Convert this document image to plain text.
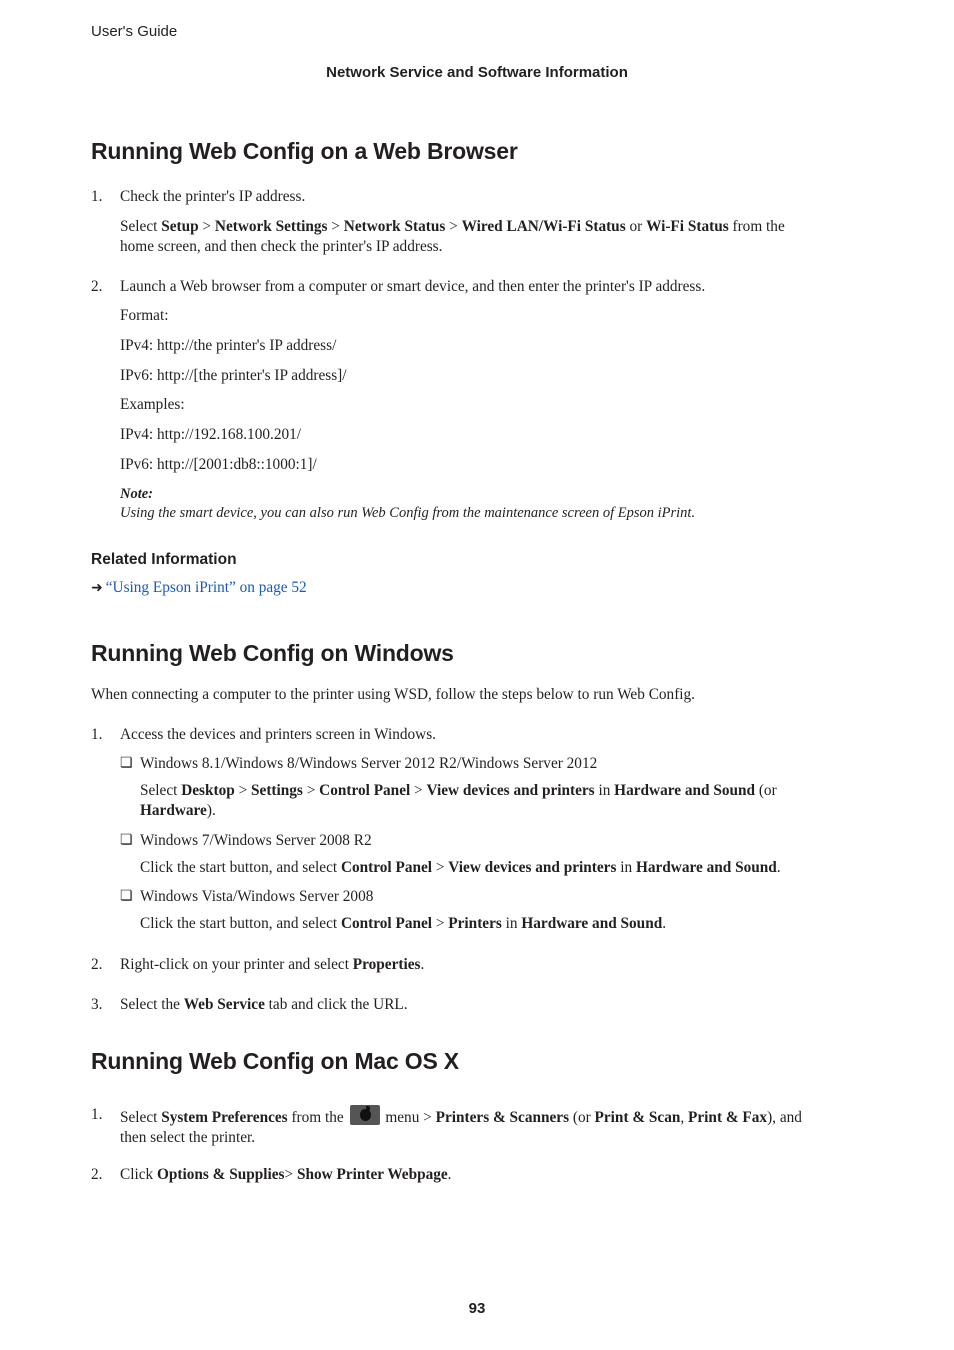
User's Guide
Network Service and Software Information
Running Web Config on a Web Browser
1. Check the printer's IP address.
Select Setup > Network Settings > Network Status > Wired LAN/Wi-Fi Status or Wi-Fi Status from the
home screen, and then check the printer's IP address.
2. Launch a Web browser from a computer or smart device, and then enter the printer's IP address.
Format:
IPv4: http://the printer's IP address/
IPv6: http://[the printer's IP address]/
Examples:
IPv4: http://192.168.100.201/
IPv6: http://[2001:db8::1000:1]/
Note:
Using the smart device, you can also run Web Config from the maintenance screen of Epson iPrint.
Related Information
➜ “Using Epson iPrint” on page 52
Running Web Config on Windows
When connecting a computer to the printer using WSD, follow the steps below to run Web Config.
1. Access the devices and printers screen in Windows.
❏ Windows 8.1/Windows 8/Windows Server 2012 R2/Windows Server 2012
Select Desktop > Settings > Control Panel > View devices and printers in Hardware and Sound (or
Hardware).
❏ Windows 7/Windows Server 2008 R2
Click the start button, and select Control Panel > View devices and printers in Hardware and Sound.
❏ Windows Vista/Windows Server 2008
Click the start button, and select Control Panel > Printers in Hardware and Sound.
2. Right-click on your printer and select Properties.
3. Select the Web Service tab and click the URL.
Running Web Config on Mac OS X
1. Select System Preferences from the  menu > Printers & Scanners (or Print & Scan, Print & Fax), and
then select the printer.
2. Click Options & Supplies> Show Printer Webpage.
93
